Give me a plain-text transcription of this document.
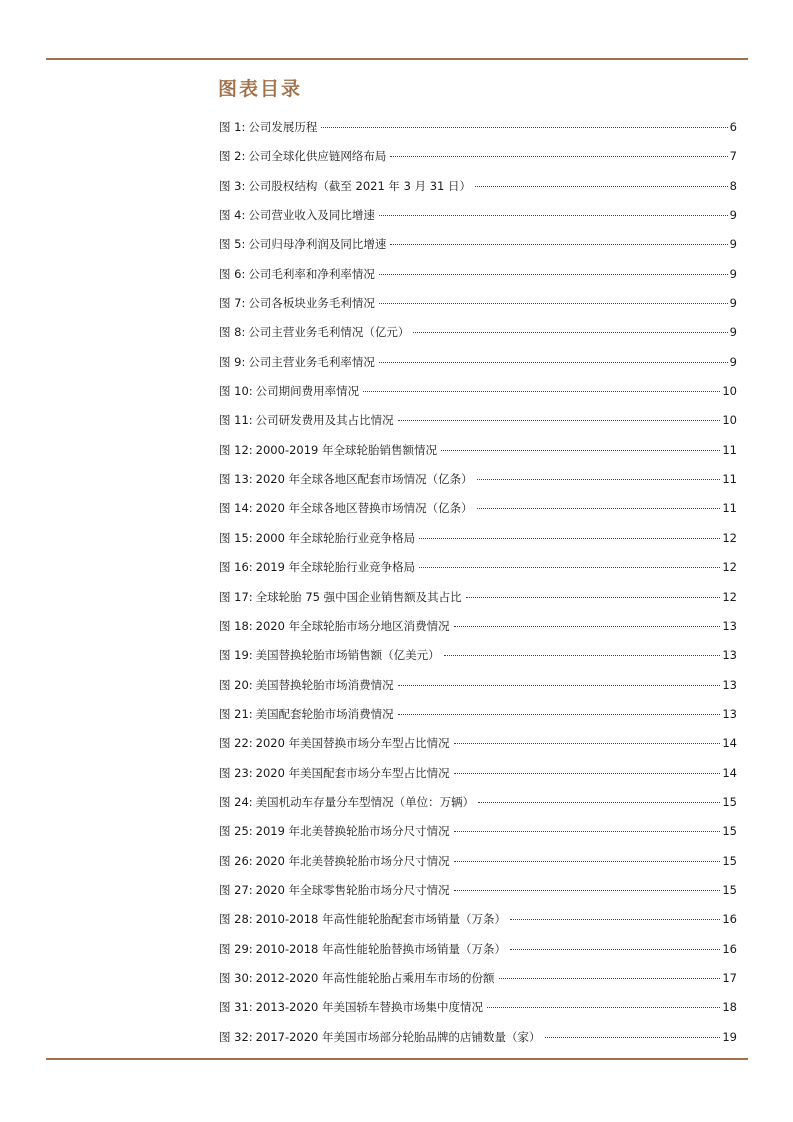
图表目录
图 1: 公司发展历程	6
图 2: 公司全球化供应链网络布局	7
图 3: 公司股权结构（截至 2021 年 3 月 31 日）	8
图 4: 公司营业收入及同比增速	9
图 5: 公司归母净利润及同比增速	9
图 6: 公司毛利率和净利率情况	9
图 7: 公司各板块业务毛利情况	9
图 8: 公司主营业务毛利情况（亿元）	9
图 9: 公司主营业务毛利率情况	9
图 10: 公司期间费用率情况	10
图 11: 公司研发费用及其占比情况	10
图 12: 2000-2019 年全球轮胎销售额情况	11
图 13: 2020 年全球各地区配套市场情况（亿条）	11
图 14: 2020 年全球各地区替换市场情况（亿条）	11
图 15: 2000 年全球轮胎行业竞争格局	12
图 16: 2019 年全球轮胎行业竞争格局	12
图 17: 全球轮胎 75 强中国企业销售额及其占比	12
图 18: 2020 年全球轮胎市场分地区消费情况	13
图 19: 美国替换轮胎市场销售额（亿美元）	13
图 20: 美国替换轮胎市场消费情况	13
图 21: 美国配套轮胎市场消费情况	13
图 22: 2020 年美国替换市场分车型占比情况	14
图 23: 2020 年美国配套市场分车型占比情况	14
图 24: 美国机动车存量分车型情况（单位：万辆）	15
图 25: 2019 年北美替换轮胎市场分尺寸情况	15
图 26: 2020 年北美替换轮胎市场分尺寸情况	15
图 27: 2020 年全球零售轮胎市场分尺寸情况	15
图 28: 2010-2018 年高性能轮胎配套市场销量（万条）	16
图 29: 2010-2018 年高性能轮胎替换市场销量（万条）	16
图 30: 2012-2020 年高性能轮胎占乘用车市场的份额	17
图 31: 2013-2020 年美国轿车替换市场集中度情况	18
图 32: 2017-2020 年美国市场部分轮胎品牌的店铺数量（家）	19
